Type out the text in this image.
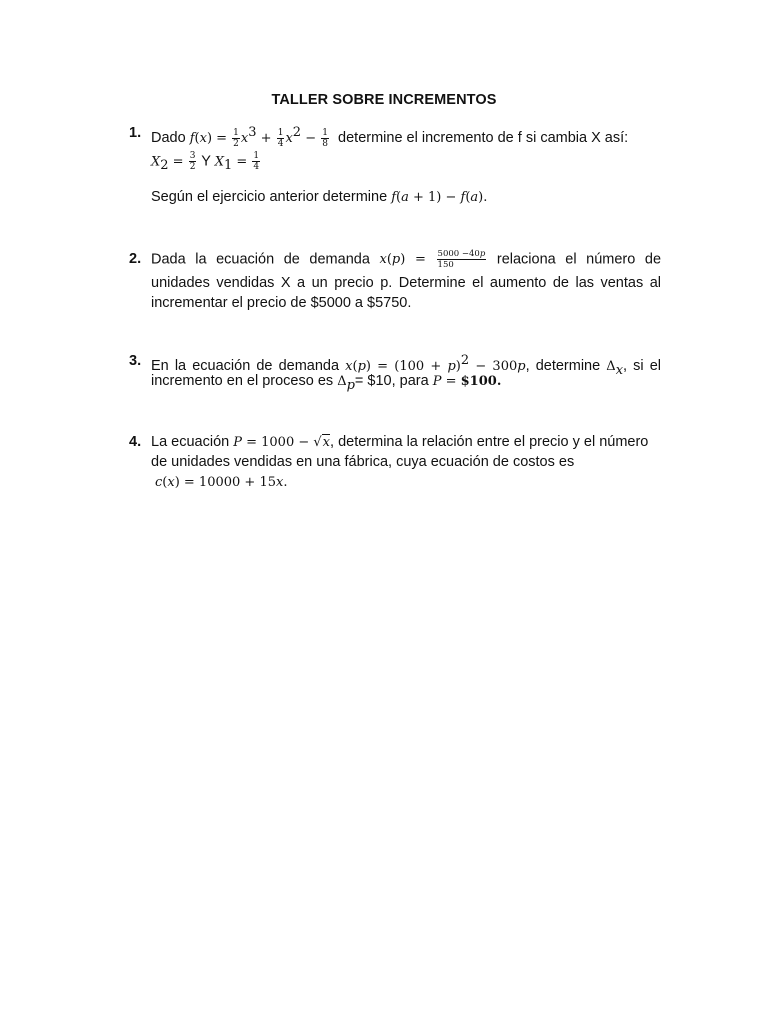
TALLER SOBRE INCREMENTOS
1. Dado $f(x) = \frac{1}{2} x^3 + \frac{1}{4} x^2 - \frac{1}{8}$ determine el incremento de f si cambia X así:
$X_2 = \frac{3}{2}$ Y $X_1 = \frac{1}{4}$
Según el ejercicio anterior determine f(a + 1) − f(a).
2. Dada la ecuación de demanda $x(p) = \frac{5000 -40p}{150}$ relaciona el número de
unidades vendidas X a un precio p. Determine el aumento de las ventas al
incrementar el precio de $5000 a $5750.
3. En la ecuación de demanda $x(p) = (100 + p)^2 - 300p$, determine $\Delta_x$, si el
incremento en el proceso es $\Delta_p=$ $10, para P = $100.
4. La ecuación P = 1000 − √x, determina la relación entre el precio y el número
de unidades vendidas en una fábrica, cuya ecuación de costos es
c(x) = 10000 + 15x.
